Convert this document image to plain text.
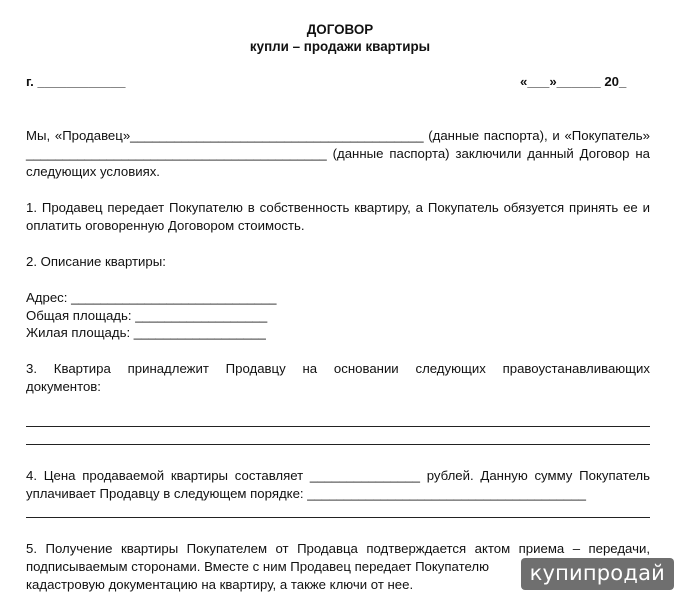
ДОГОВОР
купли – продажи квартиры
г. ____________	«___»______ 20_
Мы, «Продавец»________________________________________ (данные паспорта), и «Покупатель»
_________________________________________ (данные паспорта) заключили данный Договор на
следующих условиях.
1. Продавец передает Покупателю в собственность квартиру, а Покупатель обязуется принять ее и
оплатить оговоренную Договором стоимость.
2. Описание квартиры:
Адрес: ____________________________
Общая площадь: __________________
Жилая площадь: __________________
3. Квартира принадлежит Продавцу на основании следующих правоустанавливающих
документов:
4. Цена продаваемой квартиры составляет _______________ рублей. Данную сумму Покупатель
уплачивает Продавцу в следующем порядке: ______________________________________
5. Получение квартиры Покупателем от Продавца подтверждается актом приема – передачи,
подписываемым сторонами. Вместе с ним Продавец передает Покупателю
кадастровую документацию на квартиру, а также ключи от нее.	купипродай
